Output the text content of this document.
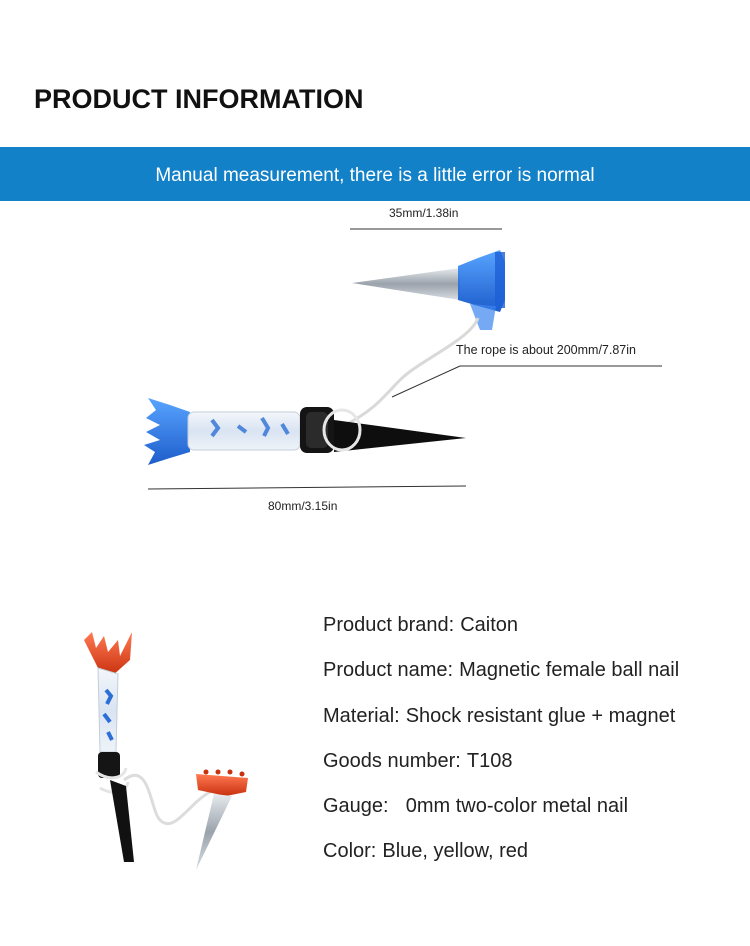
PRODUCT INFORMATION
Manual measurement, there is a little error is normal
35mm/1.38in
The rope is about 200mm/7.87in
80mm/3.15in
Product brand: Caiton
Product name: Magnetic female ball nail
Material: Shock resistant glue + magnet
Goods number: T108
Gauge:  0mm two-color metal nail
Color: Blue, yellow, red
